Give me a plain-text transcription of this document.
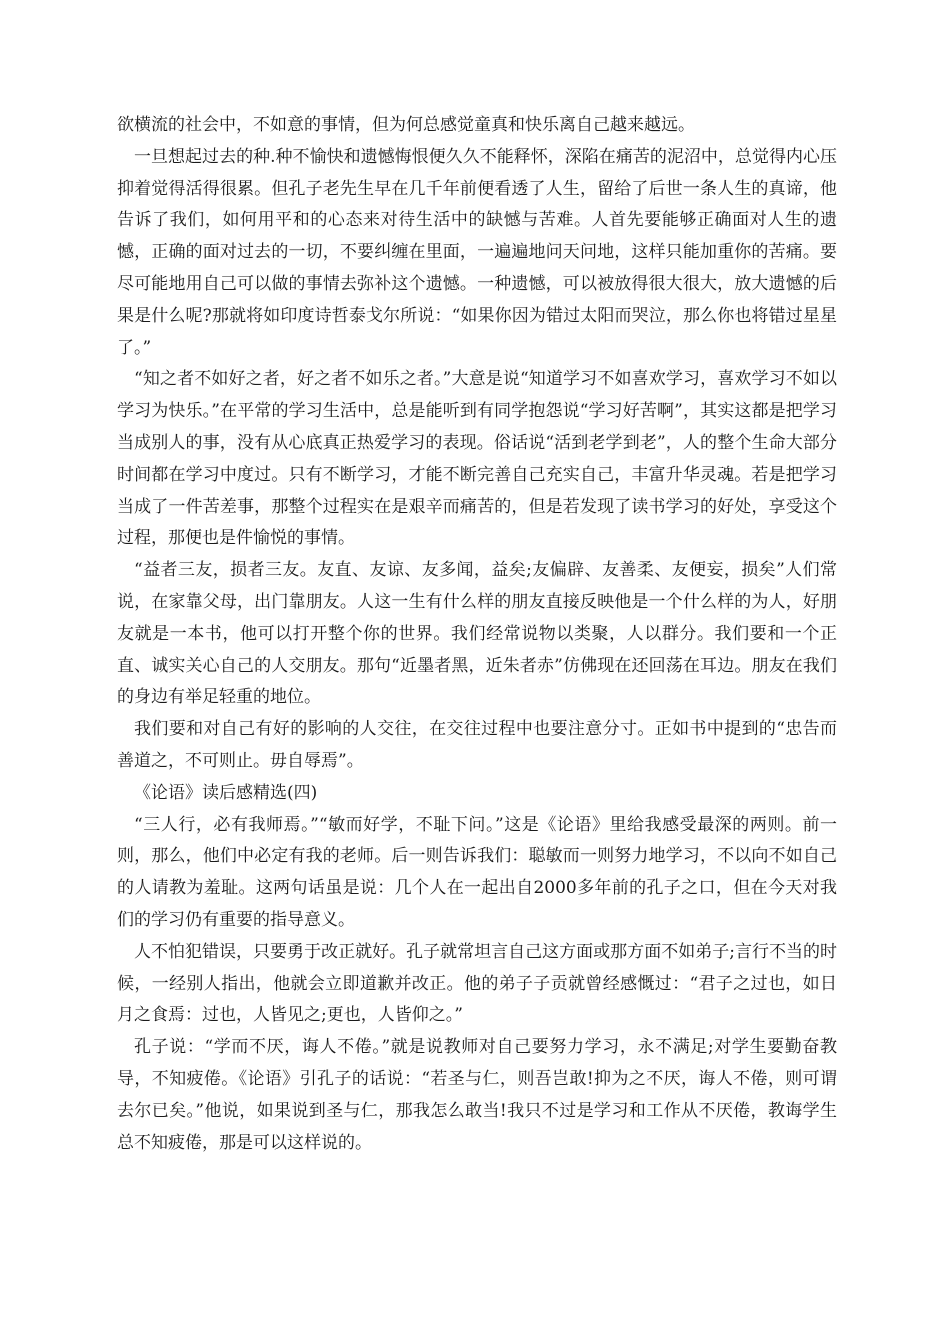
欲横流的社会中，不如意的事情，但为何总感觉童真和快乐离自己越来越远。

一旦想起过去的种.种不愉快和遗憾悔恨便久久不能释怀，深陷在痛苦的泥沼中，总觉得内心压抑着觉得活得很累。但孔子老先生早在几千年前便看透了人生，留给了后世一条人生的真谛，他告诉了我们，如何用平和的心态来对待生活中的缺憾与苦难。人首先要能够正确面对人生的遗憾，正确的面对过去的一切，不要纠缠在里面，一遍遍地问天问地，这样只能加重你的苦痛。要尽可能地用自己可以做的事情去弥补这个遗憾。一种遗憾，可以被放得很大很大，放大遗憾的后果是什么呢?那就将如印度诗哲泰戈尔所说：“如果你因为错过太阳而哭泣，那么你也将错过星星了。”

“知之者不如好之者，好之者不如乐之者。”大意是说“知道学习不如喜欢学习，喜欢学习不如以学习为快乐。”在平常的学习生活中，总是能听到有同学抱怨说“学习好苦啊”，其实这都是把学习当成别人的事，没有从心底真正热爱学习的表现。俗话说“活到老学到老”，人的整个生命大部分时间都在学习中度过。只有不断学习，才能不断完善自己充实自己，丰富升华灵魂。若是把学习当成了一件苦差事，那整个过程实在是艰辛而痛苦的，但是若发现了读书学习的好处，享受这个过程，那便也是件愉悦的事情。

“益者三友，损者三友。友直、友谅、友多闻，益矣;友偏辟、友善柔、友便妄，损矣”人们常说，在家靠父母，出门靠朋友。人这一生有什么样的朋友直接反映他是一个什么样的为人，好朋友就是一本书，他可以打开整个你的世界。我们经常说物以类聚，人以群分。我们要和一个正直、诚实关心自己的人交朋友。那句“近墨者黑，近朱者赤”仿佛现在还回荡在耳边。朋友在我们的身边有举足轻重的地位。

我们要和对自己有好的影响的人交往，在交往过程中也要注意分寸。正如书中提到的“忠告而善道之，不可则止。毋自辱焉”。

《论语》读后感精选(四)

“三人行，必有我师焉。”“敏而好学，不耻下问。”这是《论语》里给我感受最深的两则。前一则，那么，他们中必定有我的老师。后一则告诉我们：聪敏而一则努力地学习，不以向不如自己的人请教为羞耻。这两句话虽是说：几个人在一起出自2000多年前的孔子之口，但在今天对我们的学习仍有重要的指导意义。

人不怕犯错误，只要勇于改正就好。孔子就常坦言自己这方面或那方面不如弟子;言行不当的时候，一经别人指出，他就会立即道歉并改正。他的弟子子贡就曾经感慨过：“君子之过也，如日月之食焉：过也，人皆见之;更也，人皆仰之。”

孔子说：“学而不厌，诲人不倦。”就是说教师对自己要努力学习，永不满足;对学生要勤奋教导，不知疲倦。《论语》引孔子的话说：“若圣与仁，则吾岂敢!抑为之不厌，诲人不倦，则可谓去尔已矣。”他说，如果说到圣与仁，那我怎么敢当!我只不过是学习和工作从不厌倦，教诲学生总不知疲倦，那是可以这样说的。
